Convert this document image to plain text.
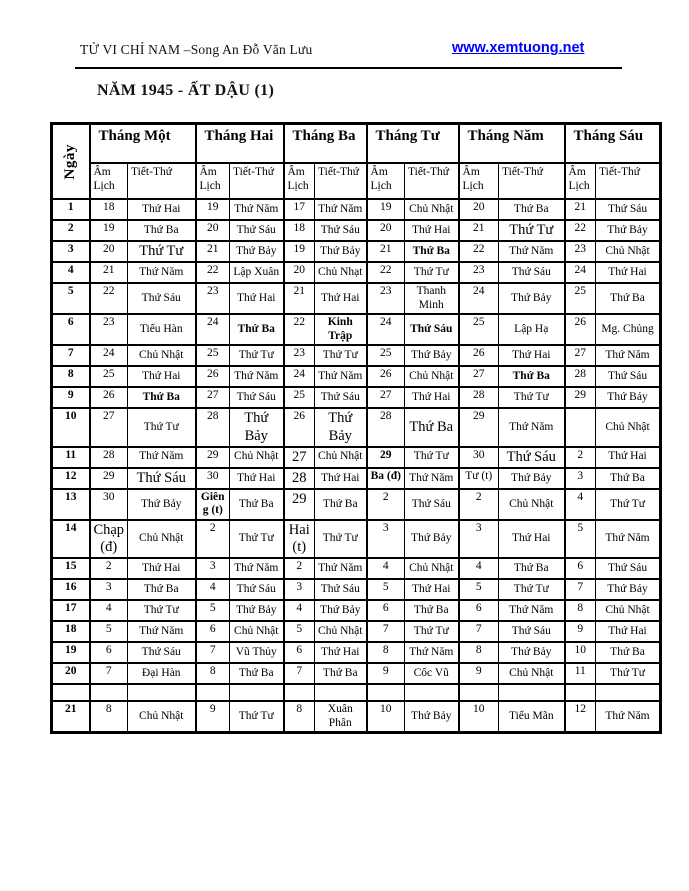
TỬ VI CHỈ NAM –Song An Đỗ Văn Lưu	www.xemtuong.net
NĂM 1945 - ẤT DẬU (1)
Ngày	Tháng Một		Tháng Hai		Tháng Ba		Tháng Tư		Tháng Năm		Tháng Sáu	
	Âm Lịch	Tiết-Thứ	Âm Lịch	Tiết-Thứ	Âm Lịch	Tiết-Thứ	Âm Lịch	Tiết-Thứ	Âm Lịch	Tiết-Thứ	Âm Lịch	Tiết-Thứ
1	18	Thứ Hai	19	Thứ Năm	17	Thứ Năm	19	Chủ Nhật	20	Thứ Ba	21	Thứ Sáu
2	19	Thứ Ba	20	Thứ Sáu	18	Thứ Sáu	20	Thứ Hai	21	Thứ Tư	22	Thứ Bảy
3	20	Thứ Tư	21	Thứ Bảy	19	Thứ Bảy	21	Thứ Ba	22	Thứ Năm	23	Chủ Nhật
4	21	Thứ Năm	22	Lập Xuân	20	Chủ Nhạt	22	Thứ Tư	23	Thứ Sáu	24	Thứ Hai
5	22	Thứ Sáu	23	Thứ Hai	21	Thứ Hai	23	Thanh Minh	24	Thứ Bảy	25	Thứ Ba
6	23	Tiểu Hàn	24	Thứ Ba	22	Kinh Trập	24	Thứ Sáu	25	Lập Hạ	26	Mg. Chủng
7	24	Chủ Nhật	25	Thứ Tư	23	Thứ Tư	25	Thứ Bảy	26	Thứ Hai	27	Thứ Năm
8	25	Thứ Hai	26	Thứ Năm	24	Thứ Năm	26	Chủ Nhật	27	Thứ Ba	28	Thứ Sáu
9	26	Thứ Ba	27	Thứ Sáu	25	Thứ Sáu	27	Thứ Hai	28	Thứ Tư	29	Thứ Bảy
10	27	Thứ Tư	28	Thứ Bảy	26	Thứ Bảy	28	Thứ Ba	29	Thứ Năm		Chủ Nhật
11	28	Thứ Năm	29	Chủ Nhật	27	Chủ Nhật	29	Thứ Tư	30	Thứ Sáu	2	Thứ Hai
12	29	Thứ Sáu	30	Thứ Hai	28	Thứ Hai	Ba (đ)	Thứ Năm	Tư (t)	Thứ Bảy	3	Thứ Ba
13	30	Thứ Bảy	Giêng (t)	Thứ Ba	29	Thứ Ba	2	Thứ Sáu	2	Chủ Nhật	4	Thứ Tư
14	Chạp (đ)	Chủ Nhật	2	Thứ Tư	Hai (t)	Thứ Tư	3	Thứ Bảy	3	Thứ Hai	5	Thứ Năm
15	2	Thứ Hai	3	Thứ Năm	2	Thứ Năm	4	Chủ Nhật	4	Thứ Ba	6	Thứ Sáu
16	3	Thứ Ba	4	Thứ Sáu	3	Thứ Sáu	5	Thứ Hai	5	Thứ Tư	7	Thứ Bảy
17	4	Thứ Tư	5	Thứ Bảy	4	Thứ Bảy	6	Thứ Ba	6	Thứ Năm	8	Chủ Nhật
18	5	Thứ Năm	6	Chủ Nhật	5	Chủ Nhật	7	Thứ Tư	7	Thứ Sáu	9	Thứ Hai
19	6	Thứ Sáu	7	Vũ Thủy	6	Thứ Hai	8	Thứ Năm	8	Thứ Bảy	10	Thứ Ba
20	7	Đại Hàn	8	Thứ Ba	7	Thứ Ba	9	Cốc Vũ	9	Chủ Nhật	11	Thứ Tư

21	8	Chủ Nhật	9	Thứ Tư	8	Xuân Phân	10	Thứ Bảy	10	Tiểu Mãn	12	Thứ Năm
